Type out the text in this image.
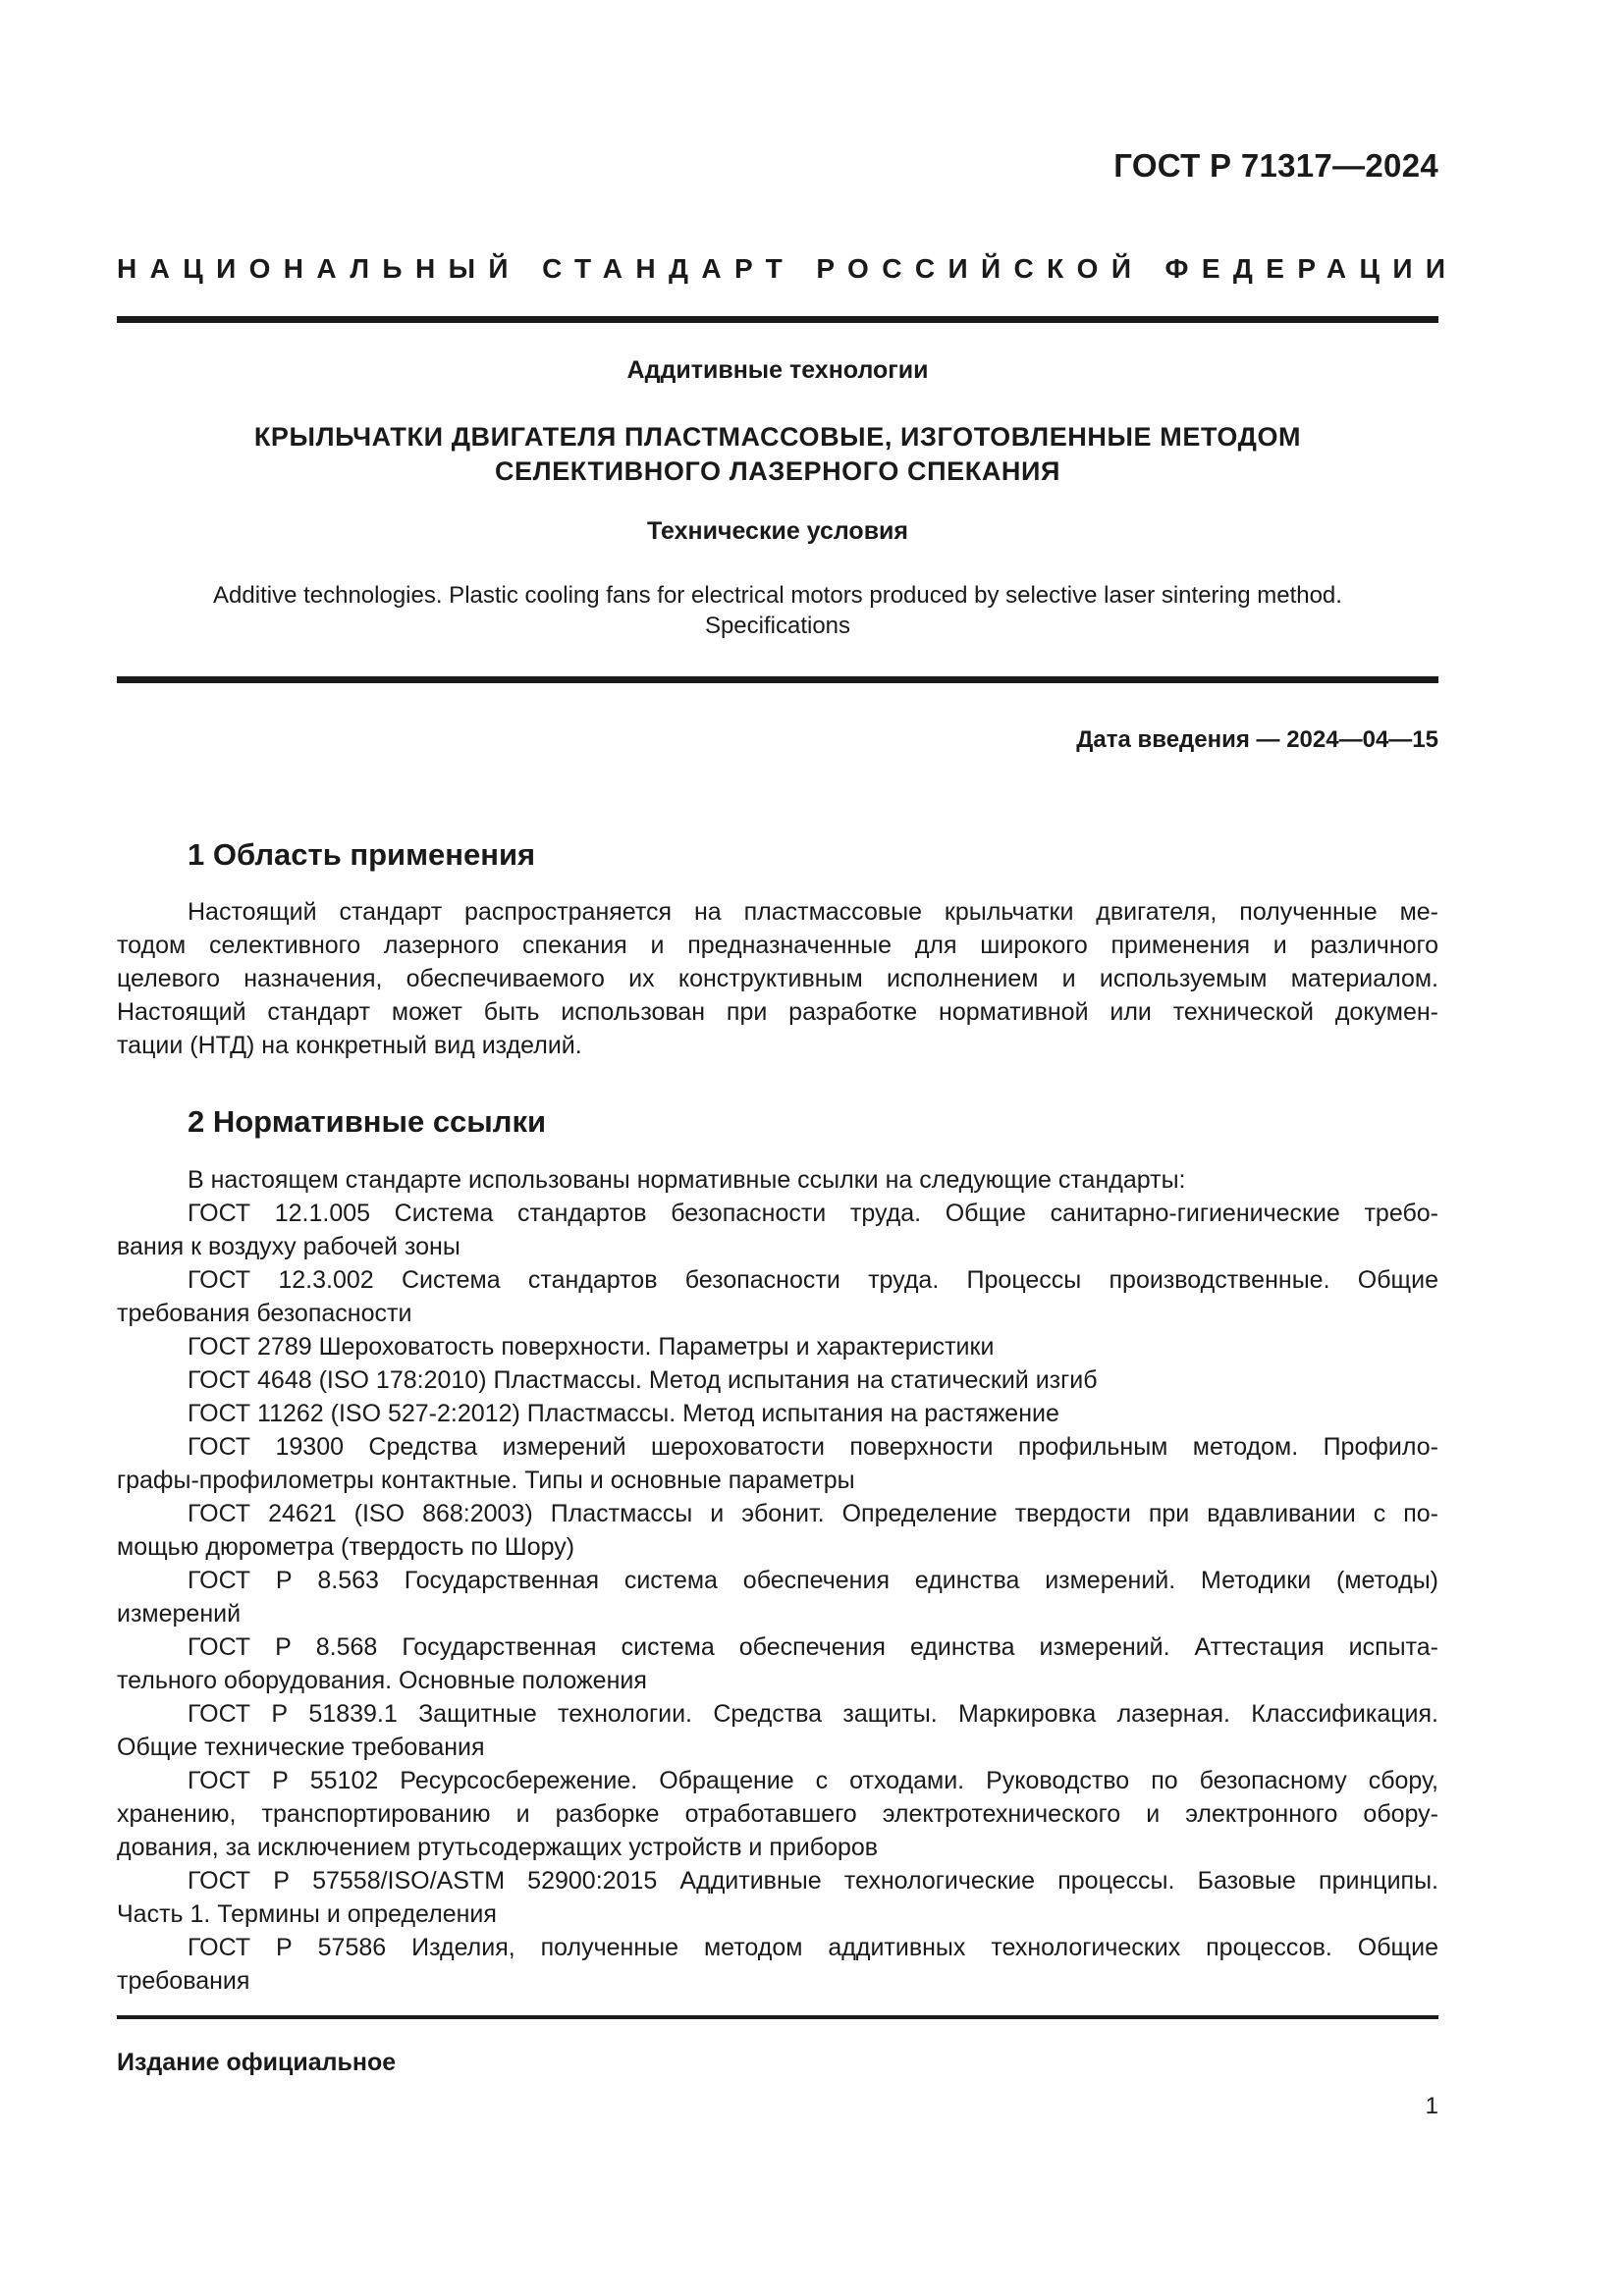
ГОСТ Р 71317—2024
НАЦИОНАЛЬНЫЙ СТАНДАРТ РОССИЙСКОЙ ФЕДЕРАЦИИ
Аддитивные технологии
КРЫЛЬЧАТКИ ДВИГАТЕЛЯ ПЛАСТМАССОВЫЕ, ИЗГОТОВЛЕННЫЕ МЕТОДОМ
СЕЛЕКТИВНОГО ЛАЗЕРНОГО СПЕКАНИЯ
Технические условия
Additive technologies. Plastic cooling fans for electrical motors produced by selective laser sintering method.
Specifications
Дата введения — 2024—04—15
1 Область применения

Настоящий стандарт распространяется на пластмассовые крыльчатки двигателя, полученные ме-
тодом селективного лазерного спекания и предназначенные для широкого применения и различного
целевого назначения, обеспечиваемого их конструктивным исполнением и используемым материалом.
Настоящий стандарт может быть использован при разработке нормативной или технической докумен-
тации (НТД) на конкретный вид изделий.

2 Нормативные ссылки

В настоящем стандарте использованы нормативные ссылки на следующие стандарты:

ГОСТ 12.1.005 Система стандартов безопасности труда. Общие санитарно-гигиенические требо-
вания к воздуху рабочей зоны

ГОСТ 12.3.002 Система стандартов безопасности труда. Процессы производственные. Общие
требования безопасности

ГОСТ 2789 Шероховатость поверхности. Параметры и характеристики

ГОСТ 4648 (ISO 178:2010) Пластмассы. Метод испытания на статический изгиб

ГОСТ 11262 (ISO 527-2:2012) Пластмассы. Метод испытания на растяжение

ГОСТ 19300 Средства измерений шероховатости поверхности профильным методом. Профило-
графы-профилометры контактные. Типы и основные параметры

ГОСТ 24621 (ISO 868:2003) Пластмассы и эбонит. Определение твердости при вдавливании с по-
мощью дюрометра (твердость по Шору)

ГОСТ Р 8.563 Государственная система обеспечения единства измерений. Методики (методы)
измерений

ГОСТ Р 8.568 Государственная система обеспечения единства измерений. Аттестация испыта-
тельного оборудования. Основные положения

ГОСТ Р 51839.1 Защитные технологии. Средства защиты. Маркировка лазерная. Классификация.
Общие технические требования

ГОСТ Р 55102 Ресурсосбережение. Обращение с отходами. Руководство по безопасному сбору,
хранению, транспортированию и разборке отработавшего электротехнического и электронного обору-
дования, за исключением ртутьсодержащих устройств и приборов

ГОСТ Р 57558/ISO/ASTM 52900:2015 Аддитивные технологические процессы. Базовые принципы.
Часть 1. Термины и определения

ГОСТ Р 57586 Изделия, полученные методом аддитивных технологических процессов. Общие
требования

Издание официальное
1
